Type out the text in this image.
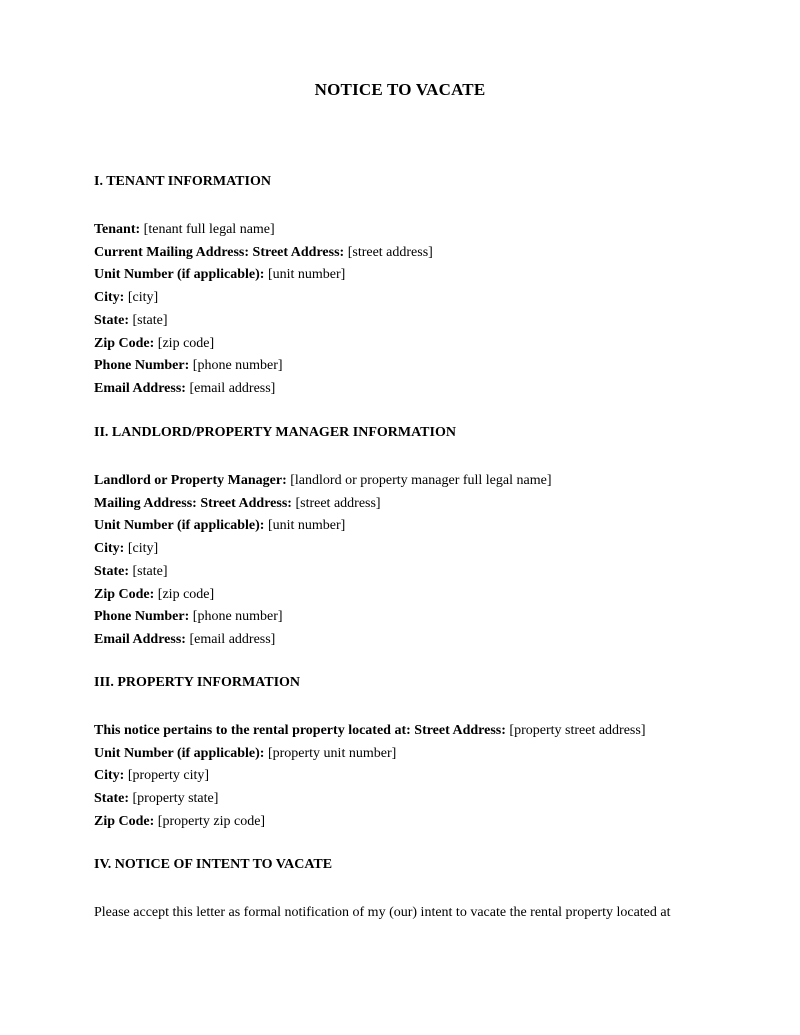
NOTICE TO VACATE
I. TENANT INFORMATION
Tenant: [tenant full legal name]
Current Mailing Address: Street Address: [street address]
Unit Number (if applicable): [unit number]
City: [city]
State: [state]
Zip Code: [zip code]
Phone Number: [phone number]
Email Address: [email address]
II. LANDLORD/PROPERTY MANAGER INFORMATION
Landlord or Property Manager: [landlord or property manager full legal name]
Mailing Address: Street Address: [street address]
Unit Number (if applicable): [unit number]
City: [city]
State: [state]
Zip Code: [zip code]
Phone Number: [phone number]
Email Address: [email address]
III. PROPERTY INFORMATION
This notice pertains to the rental property located at: Street Address: [property street address]
Unit Number (if applicable): [property unit number]
City: [property city]
State: [property state]
Zip Code: [property zip code]
IV. NOTICE OF INTENT TO VACATE

Please accept this letter as formal notification of my (our) intent to vacate the rental property located at
